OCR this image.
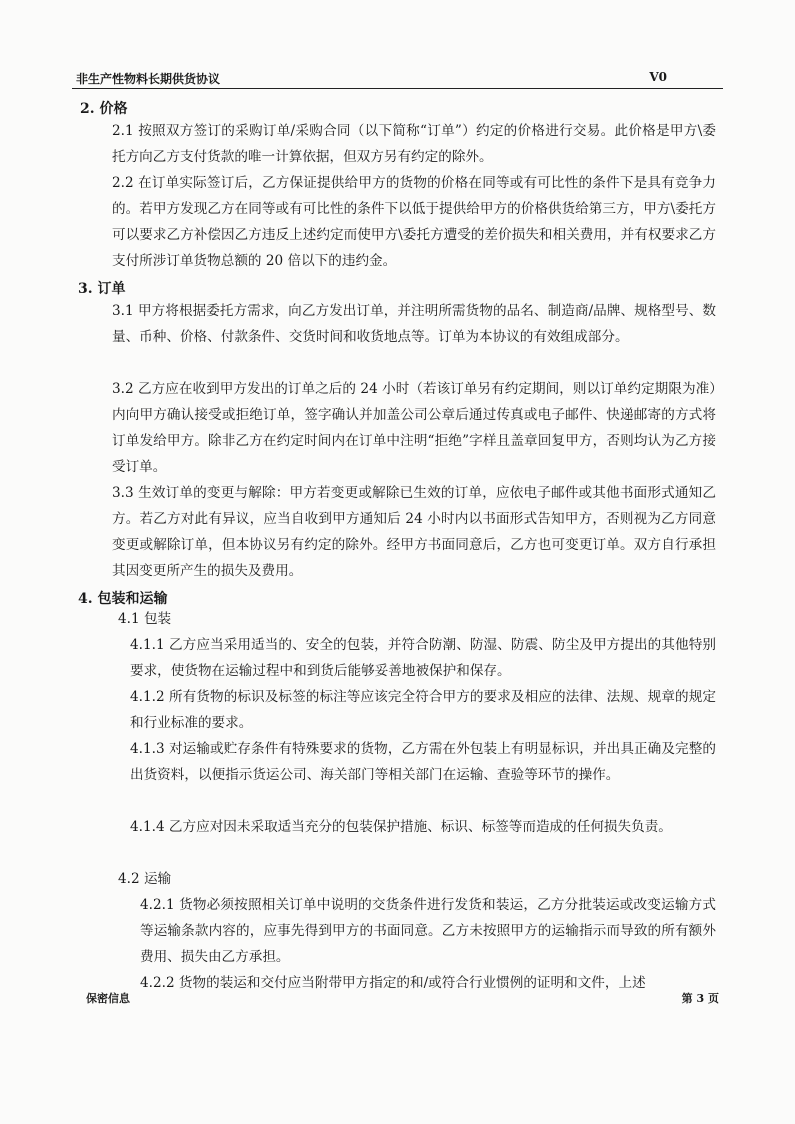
非生产性物料长期供货协议	V0
2. 价格
2.1 按照双方签订的采购订单/采购合同（以下简称“订单”）约定的价格进行交易。此价格是甲方\委托方向乙方支付货款的唯一计算依据，但双方另有约定的除外。
2.2 在订单实际签订后，乙方保证提供给甲方的货物的价格在同等或有可比性的条件下是具有竞争力的。若甲方发现乙方在同等或有可比性的条件下以低于提供给甲方的价格供货给第三方，甲方\委托方可以要求乙方补偿因乙方违反上述约定而使甲方\委托方遭受的差价损失和相关费用，并有权要求乙方支付所涉订单货物总额的 20 倍以下的违约金。
3. 订单
3.1 甲方将根据委托方需求，向乙方发出订单，并注明所需货物的品名、制造商/品牌、规格型号、数量、币种、价格、付款条件、交货时间和收货地点等。订单为本协议的有效组成部分。
3.2 乙方应在收到甲方发出的订单之后的 24 小时（若该订单另有约定期间，则以订单约定期限为准）内向甲方确认接受或拒绝订单，签字确认并加盖公司公章后通过传真或电子邮件、快递邮寄的方式将订单发给甲方。除非乙方在约定时间内在订单中注明“拒绝”字样且盖章回复甲方，否则均认为乙方接受订单。
3.3 生效订单的变更与解除：甲方若变更或解除已生效的订单，应依电子邮件或其他书面形式通知乙方。若乙方对此有异议，应当自收到甲方通知后 24 小时内以书面形式告知甲方，否则视为乙方同意变更或解除订单，但本协议另有约定的除外。经甲方书面同意后，乙方也可变更订单。双方自行承担其因变更所产生的损失及费用。
4. 包装和运输
4.1 包装
4.1.1 乙方应当采用适当的、安全的包装，并符合防潮、防湿、防震、防尘及甲方提出的其他特别要求，使货物在运输过程中和到货后能够妥善地被保护和保存。
4.1.2 所有货物的标识及标签的标注等应该完全符合甲方的要求及相应的法律、法规、规章的规定和行业标准的要求。
4.1.3 对运输或贮存条件有特殊要求的货物，乙方需在外包装上有明显标识，并出具正确及完整的出货资料，以便指示货运公司、海关部门等相关部门在运输、查验等环节的操作。
4.1.4 乙方应对因未采取适当充分的包装保护措施、标识、标签等而造成的任何损失负责。
4.2 运输
4.2.1 货物必须按照相关订单中说明的交货条件进行发货和装运，乙方分批装运或改变运输方式等运输条款内容的，应事先得到甲方的书面同意。乙方未按照甲方的运输指示而导致的所有额外费用、损失由乙方承担。
4.2.2 货物的装运和交付应当附带甲方指定的和/或符合行业惯例的证明和文件，上述
保密信息	第 3 页
